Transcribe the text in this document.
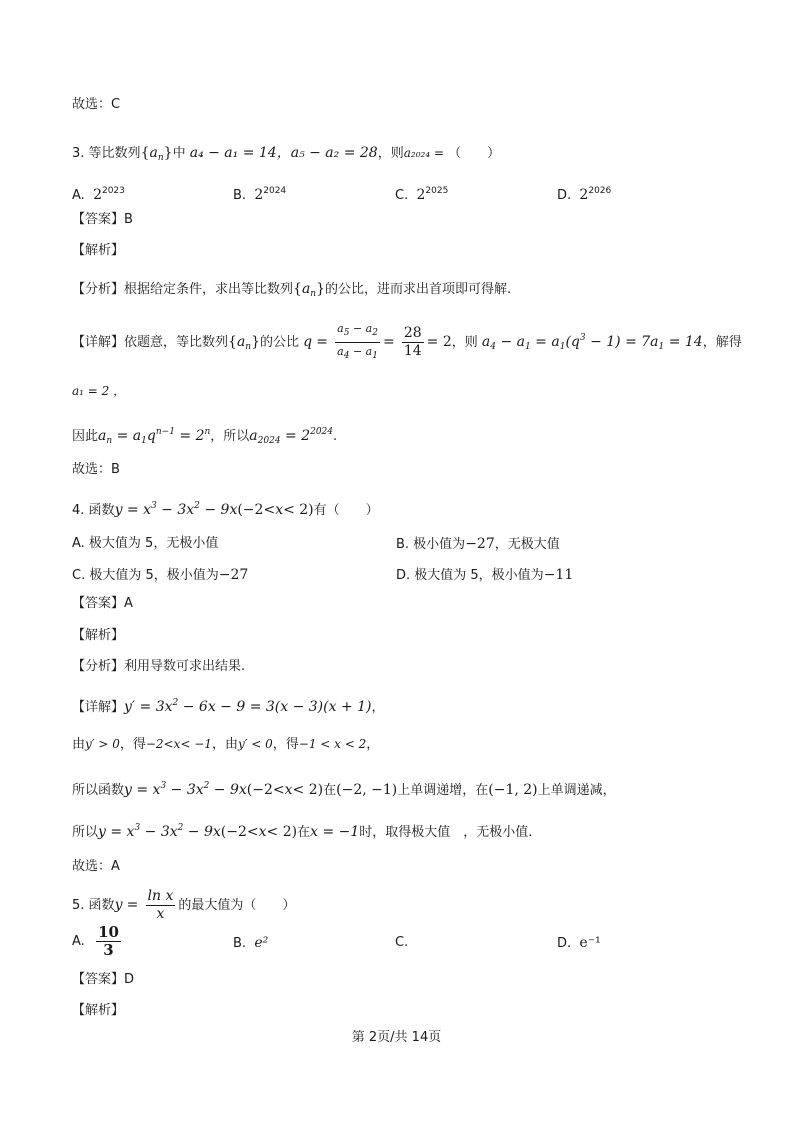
故选：C
3. 等比数列$\{a_n\}$中 a₄ − a₁ = 14，a₅ − a₂ = 28，则a₂₀₂₄ = （　　）
A. $2^{2023}$	B. $2^{2024}$	C. $2^{2025}$	D. $2^{2026}$
【答案】B
【解析】
【分析】根据给定条件，求出等比数列$\{a_n\}$的公比，进而求出首项即可得解.
【详解】依题意，等比数列$\{a_n\}$的公比 $q = \frac{a_5 - a_2}{a_4 - a_1} = \frac{28}{14} = 2$，则 $a_4 - a_1 = a_1(q^3 - 1) = 7a_1 = 14$，解得
a₁ = 2 ，
因此$a_n = a_1q^{n-1} = 2^n$，所以$a_{2024} = 2^{2024}$.
故选：B
4. 函数$y = x^3 - 3x^2 - 9x(-2<x< 2)$有（　　）
A. 极大值为 5，无极小值	B. 极小值为−27，无极大值
C. 极大值为 5，极小值为−27	D. 极大值为 5，极小值为−11
【答案】A
【解析】
【分析】利用导数可求出结果.
【详解】$y' = 3x^2 - 6x - 9 = 3(x - 3)(x + 1)$，
由y′ > 0，得−2<x< −1，由y′ < 0，得−1 < x < 2，
所以函数$y = x^3 - 3x^2 - 9x(-2<x< 2)$在(−2, −1)上单调递增，在(−1, 2)上单调递减，
所以$y = x^3 - 3x^2 - 9x(-2<x< 2)$在x = −1时，取得极大值　，无极小值.
故选：A
5. 函数$y = \frac{\text{ln x}}{x}$ 的最大值为（　　）
A. $\frac{10}{3}$	B. e²	C.	D. e⁻¹
【答案】D
【解析】
第 2页/共 14页
